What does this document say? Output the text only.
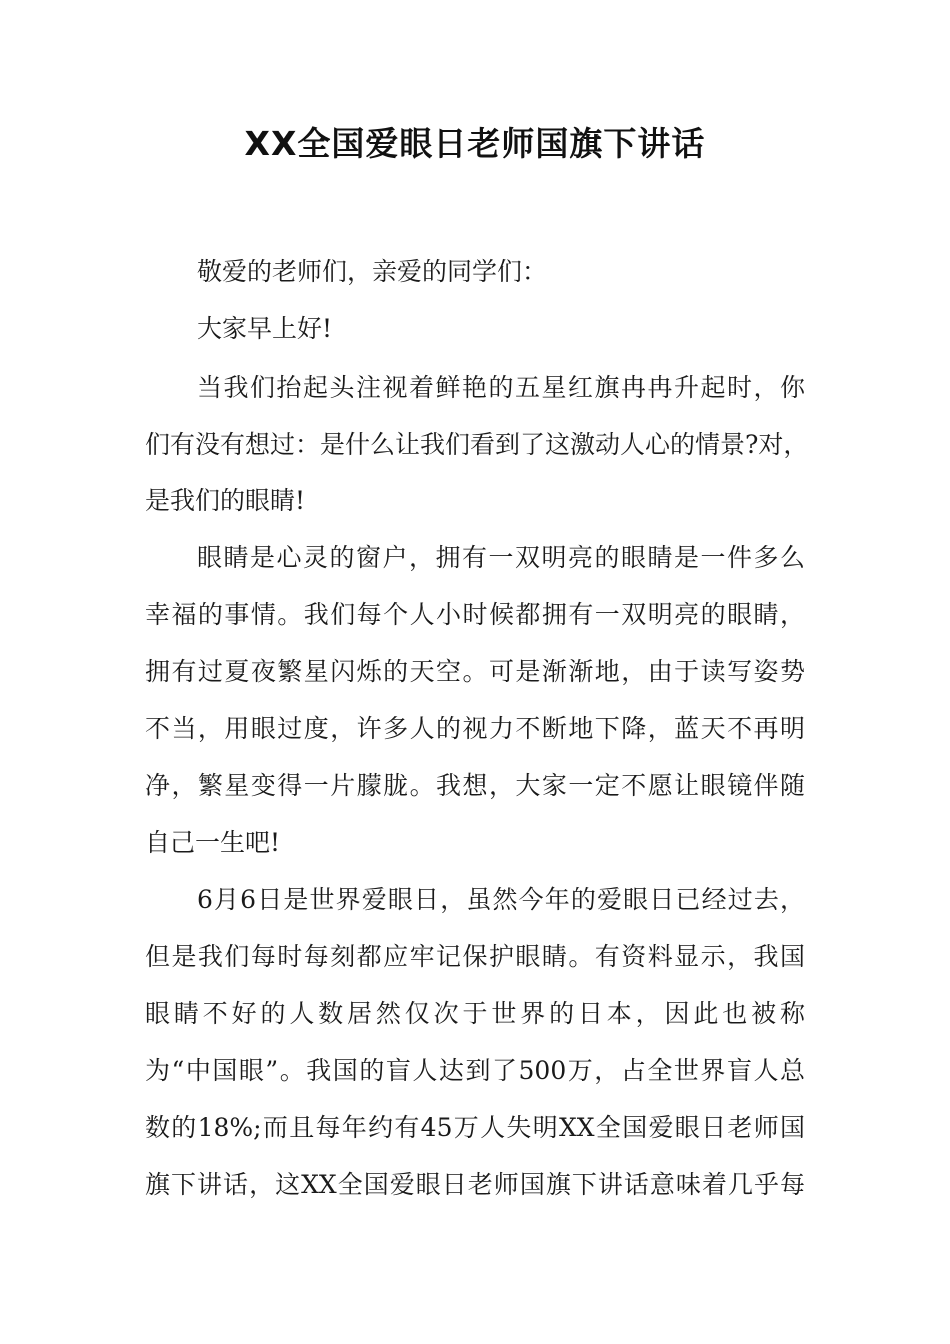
XX全国爱眼日老师国旗下讲话
敬爱的老师们，亲爱的同学们：
大家早上好!
当我们抬起头注视着鲜艳的五星红旗冉冉升起时，你
们有没有想过：是什么让我们看到了这激动人心的情景?对，
是我们的眼睛!
眼睛是心灵的窗户，拥有一双明亮的眼睛是一件多么
幸福的事情。我们每个人小时候都拥有一双明亮的眼睛，
拥有过夏夜繁星闪烁的天空。可是渐渐地，由于读写姿势
不当，用眼过度，许多人的视力不断地下降，蓝天不再明
净，繁星变得一片朦胧。我想，大家一定不愿让眼镜伴随
自己一生吧!
6月6日是世界爱眼日，虽然今年的爱眼日已经过去，
但是我们每时每刻都应牢记保护眼睛。有资料显示，我国
眼睛不好的人数居然仅次于世界的日本，因此也被称
为“中国眼”。我国的盲人达到了500万，占全世界盲人总
数的18%;而且每年约有45万人失明XX全国爱眼日老师国
旗下讲话，这XX全国爱眼日老师国旗下讲话意味着几乎每
